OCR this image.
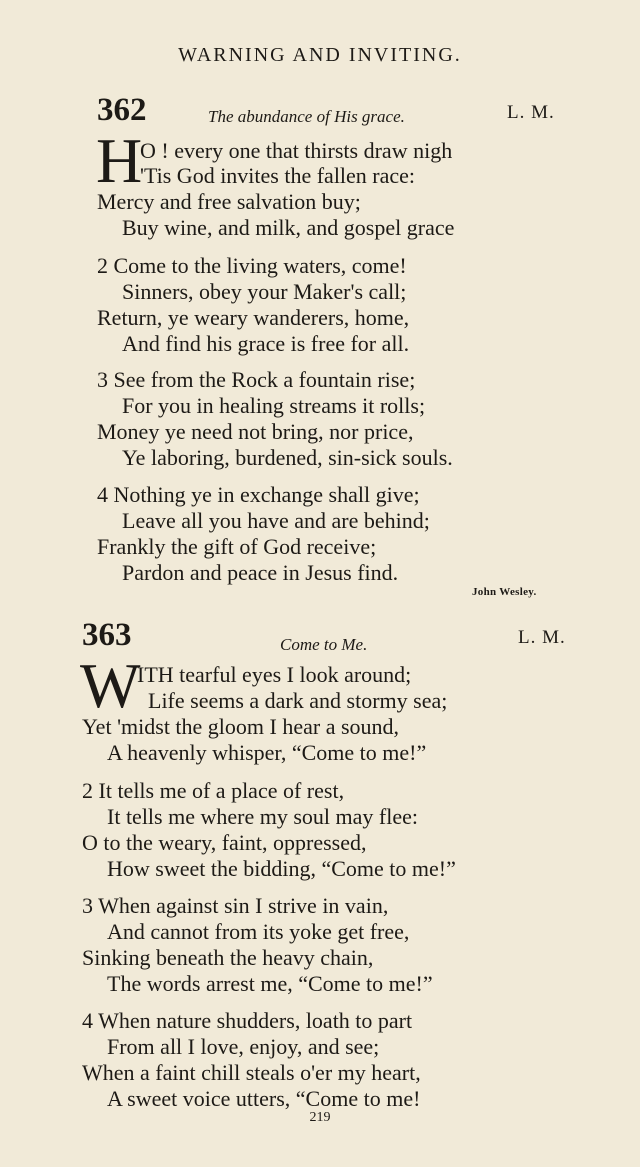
WARNING AND INVITING.
362	The abundance of His grace.	L. M.
H
O ! every one that thirsts draw nigh
'Tis God invites the fallen race:
Mercy and free salvation buy;
Buy wine, and milk, and gospel grace
2 Come to the living waters, come!
Sinners, obey your Maker's call;
Return, ye weary wanderers, home,
And find his grace is free for all.
3 See from the Rock a fountain rise;
For you in healing streams it rolls;
Money ye need not bring, nor price,
Ye laboring, burdened, sin-sick souls.
4 Nothing ye in exchange shall give;
Leave all you have and are behind;
Frankly the gift of God receive;
Pardon and peace in Jesus find.
John Wesley.
363	Come to Me.	L. M.
W
ITH tearful eyes I look around;
Life seems a dark and stormy sea;
Yet 'midst the gloom I hear a sound,
A heavenly whisper, “Come to me!”
2 It tells me of a place of rest,
It tells me where my soul may flee:
O to the weary, faint, oppressed,
How sweet the bidding, “Come to me!”
3 When against sin I strive in vain,
And cannot from its yoke get free,
Sinking beneath the heavy chain,
The words arrest me, “Come to me!”
4 When nature shudders, loath to part
From all I love, enjoy, and see;
When a faint chill steals o'er my heart,
A sweet voice utters, “Come to me!
219
